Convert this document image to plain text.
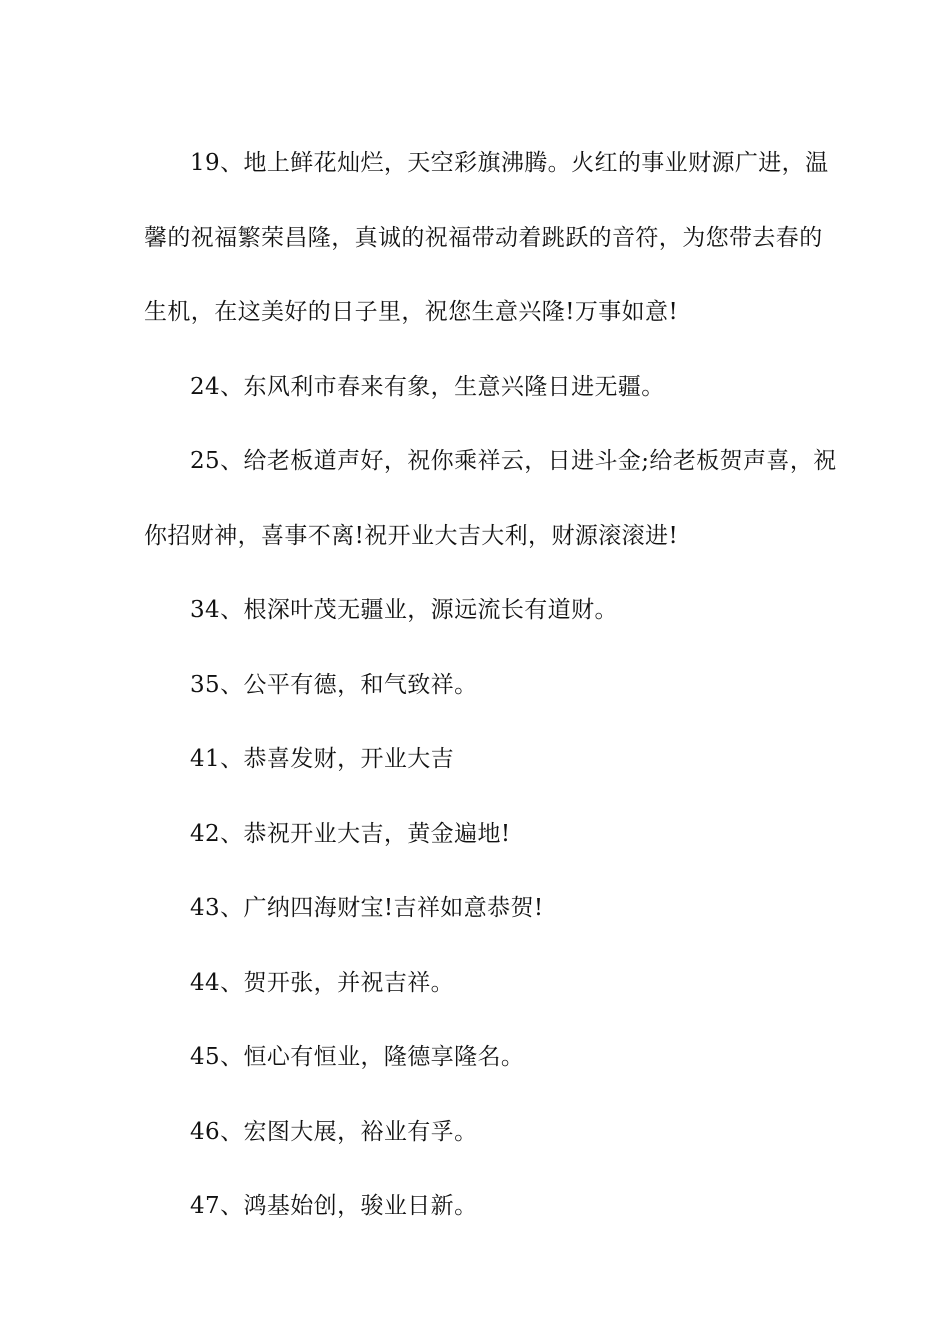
19、地上鲜花灿烂，天空彩旗沸腾。火红的事业财源广进，温馨的祝福繁荣昌隆，真诚的祝福带动着跳跃的音符，为您带去春的生机，在这美好的日子里，祝您生意兴隆!万事如意!

24、东风利市春来有象，生意兴隆日进无疆。

25、给老板道声好，祝你乘祥云，日进斗金;给老板贺声喜，祝你招财神，喜事不离!祝开业大吉大利，财源滚滚进!

34、根深叶茂无疆业，源远流长有道财。

35、公平有德，和气致祥。

41、恭喜发财，开业大吉

42、恭祝开业大吉，黄金遍地!

43、广纳四海财宝!吉祥如意恭贺!

44、贺开张，并祝吉祥。

45、恒心有恒业，隆德享隆名。

46、宏图大展，裕业有孚。

47、鸿基始创，骏业日新。
